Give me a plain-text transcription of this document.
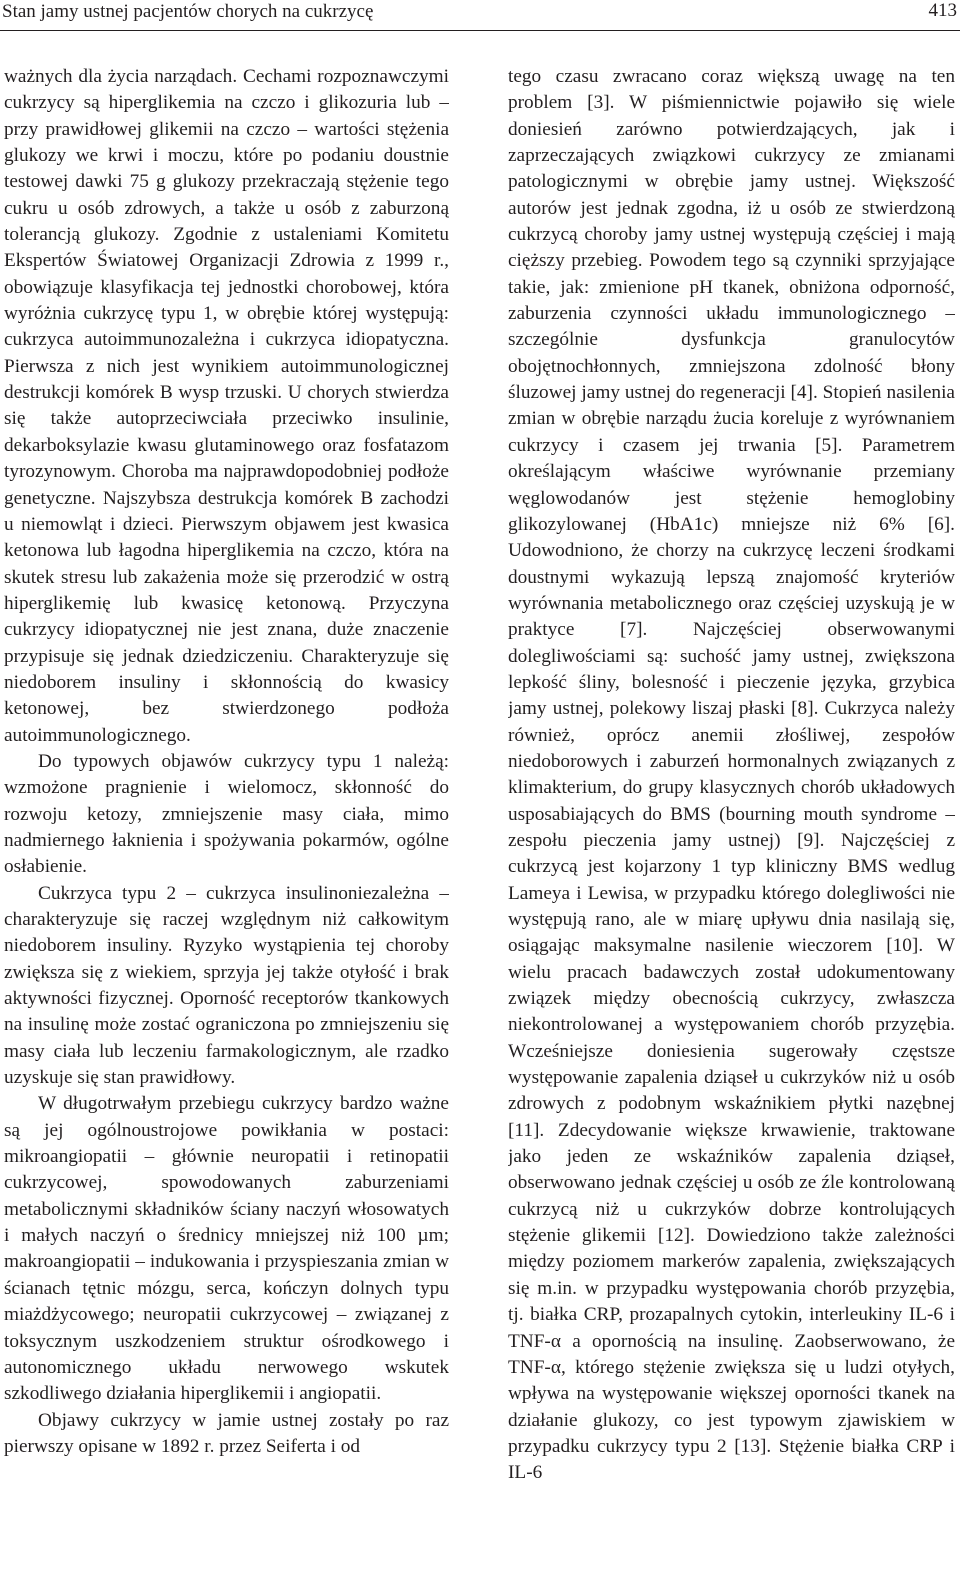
Stan jamy ustnej pacjentów chorych na cukrzycę	413

ważnych dla życia narządach. Cechami rozpoznawczymi cukrzycy są hiperglikemia na czczo i glikozuria lub – przy prawidłowej glikemii na czczo – wartości stężenia glukozy we krwi i moczu, które po podaniu doustnie testowej dawki 75 g glukozy przekraczają stężenie tego cukru u osób zdrowych, a także u osób z zaburzoną tolerancją glukozy. Zgodnie z ustaleniami Komitetu Ekspertów Światowej Organizacji Zdrowia z 1999 r., obowiązuje klasyfikacja tej jednostki chorobowej, która wyróżnia cukrzycę typu 1, w obrębie której występują: cukrzyca autoimmunozależna i cukrzyca idiopatyczna. Pierwsza z nich jest wynikiem autoimmunologicznej destrukcji komórek B wysp trzuski. U chorych stwierdza się także autoprzeciwciała przeciwko insulinie, dekarboksylazie kwasu glutaminowego oraz fosfatazom tyrozynowym. Choroba ma najprawdopodobniej podłoże genetyczne. Najszybsza destrukcja komórek B zachodzi u niemowląt i dzieci. Pierwszym objawem jest kwasica ketonowa lub łagodna hiperglikemia na czczo, która na skutek stresu lub zakażenia może się przerodzić w ostrą hiperglikemię lub kwasicę ketonową. Przyczyna cukrzycy idiopatycznej nie jest znana, duże znaczenie przypisuje się jednak dziedziczeniu. Charakteryzuje się niedoborem insuliny i skłonnością do kwasicy ketonowej, bez stwierdzonego podłoża autoimmunologicznego.

Do typowych objawów cukrzycy typu 1 należą: wzmożone pragnienie i wielomocz, skłonność do rozwoju ketozy, zmniejszenie masy ciała, mimo nadmiernego łaknienia i spożywania pokarmów, ogólne osłabienie.

Cukrzyca typu 2 – cukrzyca insulinoniezależna – charakteryzuje się raczej względnym niż całkowitym niedoborem insuliny. Ryzyko wystąpienia tej choroby zwiększa się z wiekiem, sprzyja jej także otyłość i brak aktywności fizycznej. Oporność receptorów tkankowych na insulinę może zostać ograniczona po zmniejszeniu się masy ciała lub leczeniu farmakologicznym, ale rzadko uzyskuje się stan prawidłowy.

W długotrwałym przebiegu cukrzycy bardzo ważne są jej ogólnoustrojowe powikłania w postaci: mikroangiopatii – głównie neuropatii i retinopatii cukrzycowej, spowodowanych zaburzeniami metabolicznymi składników ściany naczyń włosowatych i małych naczyń o średnicy mniejszej niż 100 µm; makroangiopatii – indukowania i przyspieszania zmian w ścianach tętnic mózgu, serca, kończyn dolnych typu miażdżycowego; neuropatii cukrzycowej – związanej z toksycznym uszkodzeniem struktur ośrodkowego i autonomicznego układu nerwowego wskutek szkodliwego działania hiperglikemii i angiopatii.

Objawy cukrzycy w jamie ustnej zostały po raz pierwszy opisane w 1892 r. przez Seiferta i od

tego czasu zwracano coraz większą uwagę na ten problem [3]. W piśmiennictwie pojawiło się wiele doniesień zarówno potwierdzających, jak i zaprzeczających związkowi cukrzycy ze zmianami patologicznymi w obrębie jamy ustnej. Większość autorów jest jednak zgodna, iż u osób ze stwierdzoną cukrzycą choroby jamy ustnej występują częściej i mają cięższy przebieg. Powodem tego są czynniki sprzyjające takie, jak: zmienione pH tkanek, obniżona odporność, zaburzenia czynności układu immunologicznego – szczególnie dysfunkcja granulocytów obojętnochłonnych, zmniejszona zdolność błony śluzowej jamy ustnej do regeneracji [4]. Stopień nasilenia zmian w obrębie narządu żucia koreluje z wyrównaniem cukrzycy i czasem jej trwania [5]. Parametrem określającym właściwe wyrównanie przemiany węglowodanów jest stężenie hemoglobiny glikozylowanej (HbA1c) mniejsze niż 6% [6]. Udowodniono, że chorzy na cukrzycę leczeni środkami doustnymi wykazują lepszą znajomość kryteriów wyrównania metabolicznego oraz częściej uzyskują je w praktyce [7]. Najczęściej obserwowanymi dolegliwościami są: suchość jamy ustnej, zwiększona lepkość śliny, bolesność i pieczenie języka, grzybica jamy ustnej, polekowy liszaj płaski [8]. Cukrzyca należy również, oprócz anemii złośliwej, zespołów niedoborowych i zaburzeń hormonalnych związanych z klimakterium, do grupy klasycznych chorób układowych usposabiających do BMS (bourning mouth syndrome – zespołu pieczenia jamy ustnej) [9]. Najczęściej z cukrzycą jest kojarzony 1 typ kliniczny BMS wedlug Lameya i Lewisa, w przypadku którego dolegliwości nie występują rano, ale w miarę upływu dnia nasilają się, osiągając maksymalne nasilenie wieczorem [10]. W wielu pracach badawczych został udokumentowany związek między obecnością cukrzycy, zwłaszcza niekontrolowanej a występowaniem chorób przyzębia. Wcześniejsze doniesienia sugerowały częstsze występowanie zapalenia dziąseł u cukrzyków niż u osób zdrowych z podobnym wskaźnikiem płytki nazębnej [11]. Zdecydowanie większe krwawienie, traktowane jako jeden ze wskaźników zapalenia dziąseł, obserwowano jednak częściej u osób ze źle kontrolowaną cukrzycą niż u cukrzyków dobrze kontrolujących stężenie glikemii [12]. Dowiedziono także zależności między poziomem markerów zapalenia, zwiększających się m.in. w przypadku występowania chorób przyzębia, tj. białka CRP, prozapalnych cytokin, interleukiny IL-6 i TNF-α a opornością na insulinę. Zaobserwowano, że TNF-α, którego stężenie zwiększa się u ludzi otyłych, wpływa na występowanie większej oporności tkanek na działanie glukozy, co jest typowym zjawiskiem w przypadku cukrzycy typu 2 [13]. Stężenie białka CRP i IL-6
